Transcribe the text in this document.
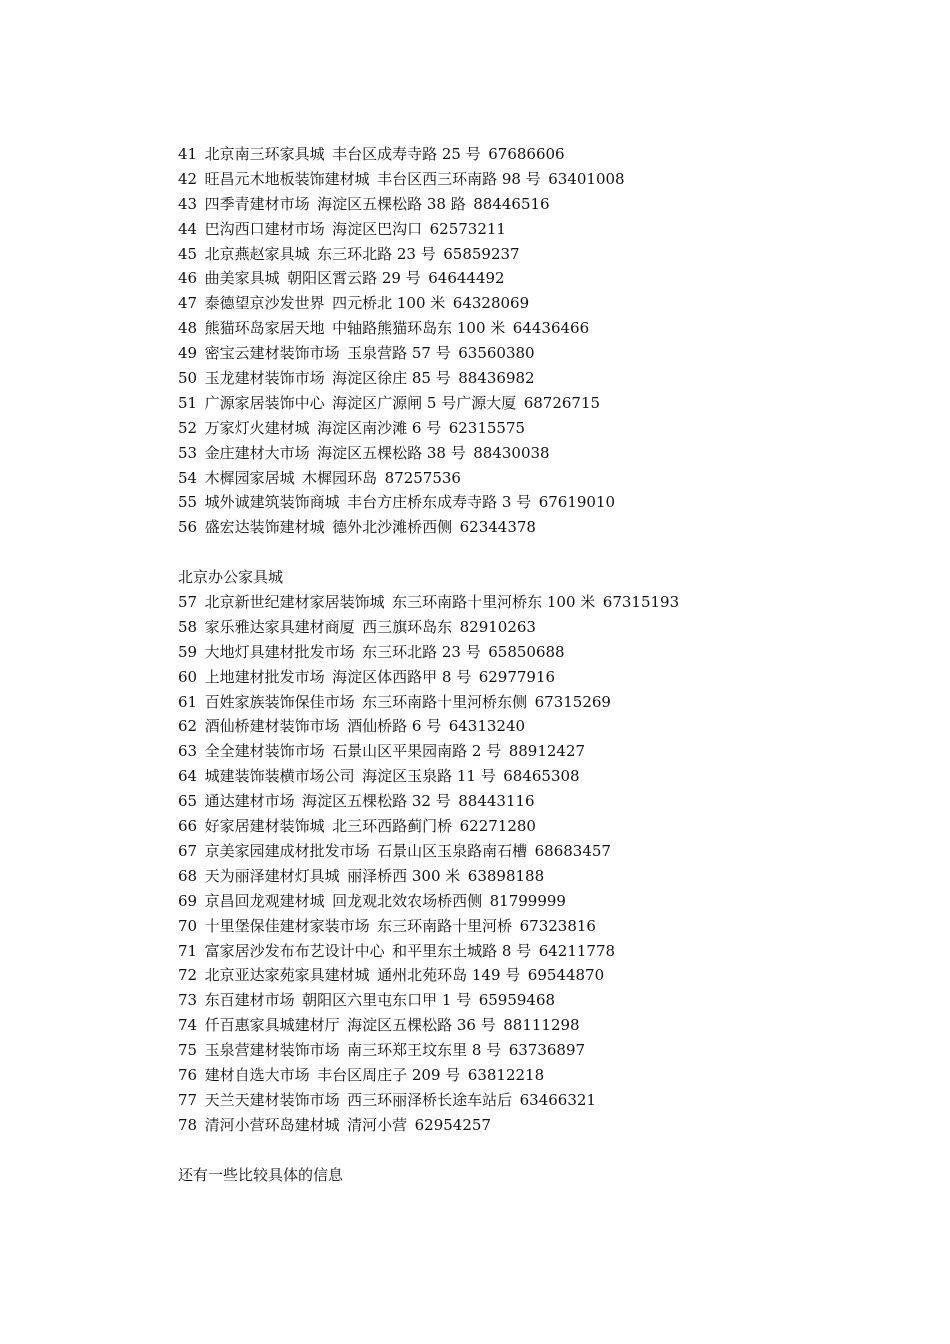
41 北京南三环家具城 丰台区成寿寺路 25 号 67686606
42 旺昌元木地板装饰建材城 丰台区西三环南路 98 号 63401008
43 四季青建材市场 海淀区五棵松路 38 路 88446516
44 巴沟西口建材市场 海淀区巴沟口 62573211
45 北京燕赵家具城 东三环北路 23 号 65859237
46 曲美家具城 朝阳区霄云路 29 号 64644492
47 泰德望京沙发世界 四元桥北 100 米 64328069
48 熊猫环岛家居天地 中轴路熊猫环岛东 100 米 64436466
49 密宝云建材装饰市场 玉泉营路 57 号 63560380
50 玉龙建材装饰市场 海淀区徐庄 85 号 88436982
51 广源家居装饰中心 海淀区广源闸 5 号广源大厦 68726715
52 万家灯火建材城 海淀区南沙滩 6 号 62315575
53 金庄建材大市场 海淀区五棵松路 38 号 88430038
54 木樨园家居城 木樨园环岛 87257536
55 城外诚建筑装饰商城 丰台方庄桥东成寿寺路 3 号 67619010
56 盛宏达装饰建材城 德外北沙滩桥西侧 62344378
北京办公家具城
57 北京新世纪建材家居装饰城 东三环南路十里河桥东 100 米 67315193
58 家乐雅达家具建材商厦 西三旗环岛东 82910263
59 大地灯具建材批发市场 东三环北路 23 号 65850688
60 上地建材批发市场 海淀区体西路甲 8 号 62977916
61 百姓家族装饰保佳市场 东三环南路十里河桥东侧 67315269
62 酒仙桥建材装饰市场 酒仙桥路 6 号 64313240
63 全全建材装饰市场 石景山区平果园南路 2 号 88912427
64 城建装饰装横市场公司 海淀区玉泉路 11 号 68465308
65 通达建材市场 海淀区五棵松路 32 号 88443116
66 好家居建材装饰城 北三环西路蓟门桥 62271280
67 京美家园建成材批发市场 石景山区玉泉路南石槽 68683457
68 天为丽泽建材灯具城 丽泽桥西 300 米 63898188
69 京昌回龙观建材城 回龙观北效农场桥西侧 81799999
70 十里堡保佳建材家装市场 东三环南路十里河桥 67323816
71 富家居沙发布布艺设计中心 和平里东土城路 8 号 64211778
72 北京亚达家苑家具建材城 通州北苑环岛 149 号 69544870
73 东百建材市场 朝阳区六里屯东口甲 1 号 65959468
74 仟百惠家具城建材厅 海淀区五棵松路 36 号 88111298
75 玉泉营建材装饰市场 南三环郑王坟东里 8 号 63736897
76 建材自选大市场 丰台区周庄子 209 号 63812218
77 天兰天建材装饰市场 西三环丽泽桥长途车站后 63466321
78 清河小营环岛建材城 清河小营 62954257
还有一些比较具体的信息
